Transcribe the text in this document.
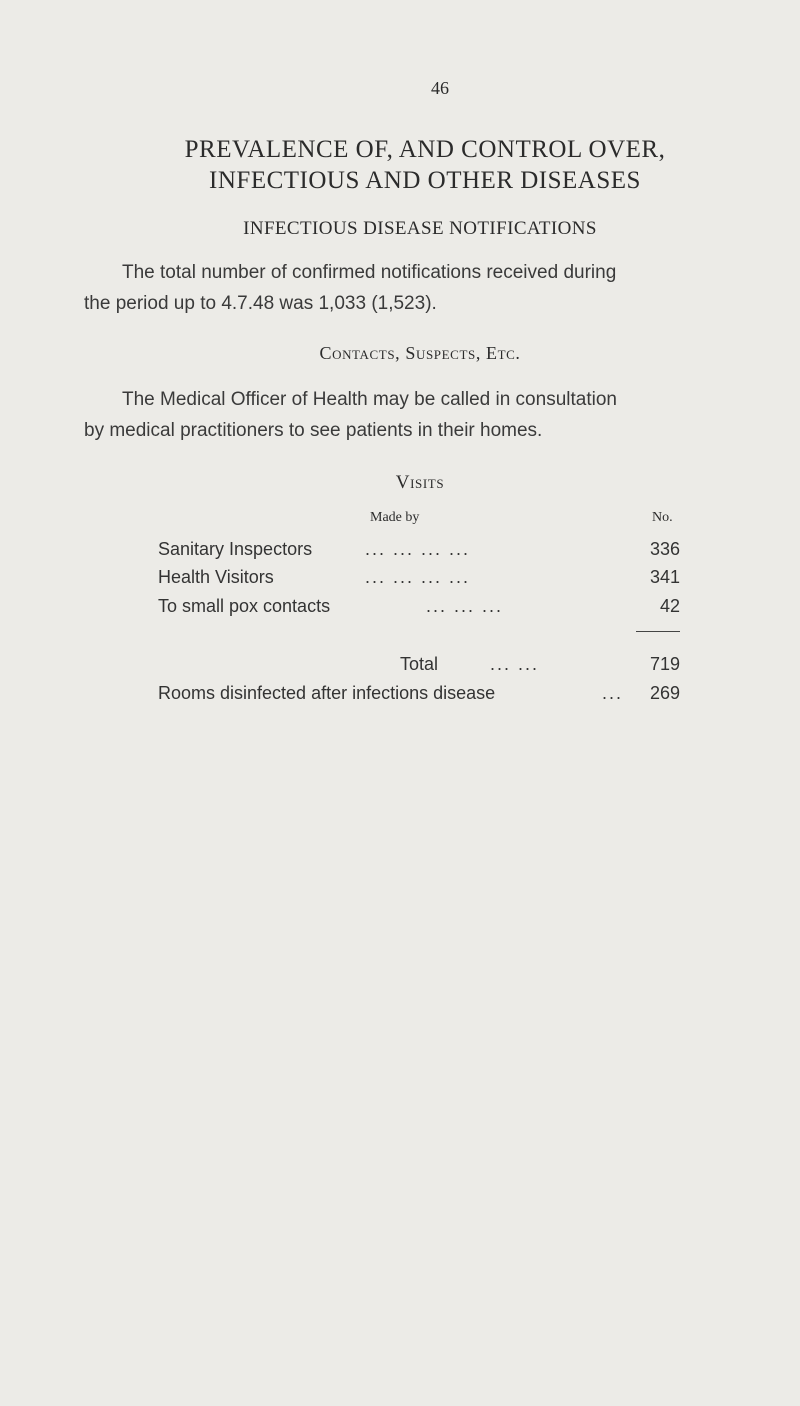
46
PREVALENCE OF, AND CONTROL OVER,
INFECTIOUS AND OTHER DISEASES
INFECTIOUS DISEASE NOTIFICATIONS

The total number of confirmed notifications received during
the period up to 4.7.48 was 1,033 (1,523).

Contacts, Suspects, Etc.

The Medical Officer of Health may be called in consultation
by medical practitioners to see patients in their homes.

Visits
Made by	No.
Sanitary Inspectors	... ... ... ...	336
Health Visitors	... ... ... ...	341
To small pox contacts	... ... ...	42
Total	... ...	719
Rooms disinfected after infections disease	... 269
